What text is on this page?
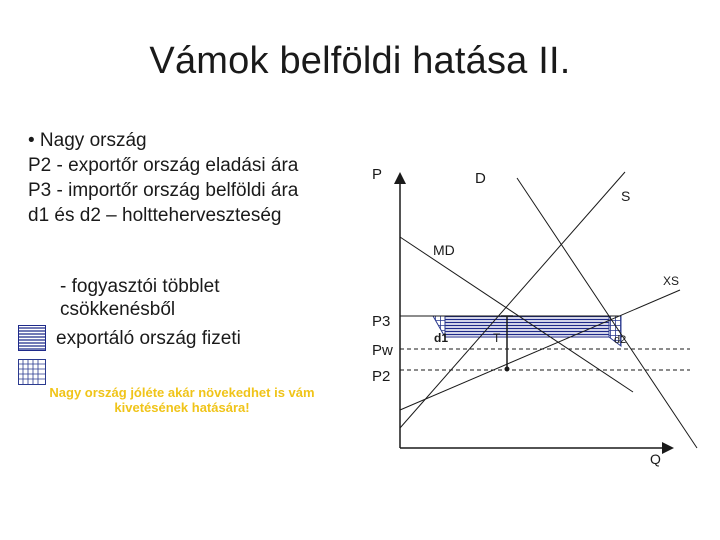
Vámok belföldi hatása II.
• Nagy ország
P2 - exportőr ország eladási ára
P3 - importőr ország belföldi ára
d1 és d2 – holtteherveszteség
- fogyasztói többlet
csökkenésből
exportáló ország fizeti
Nagy ország jóléte akár növekedhet is vám kivetésének hatására!
P
Q
D
S
MD
XS
P3
Pw
P2
d1	T	d2
